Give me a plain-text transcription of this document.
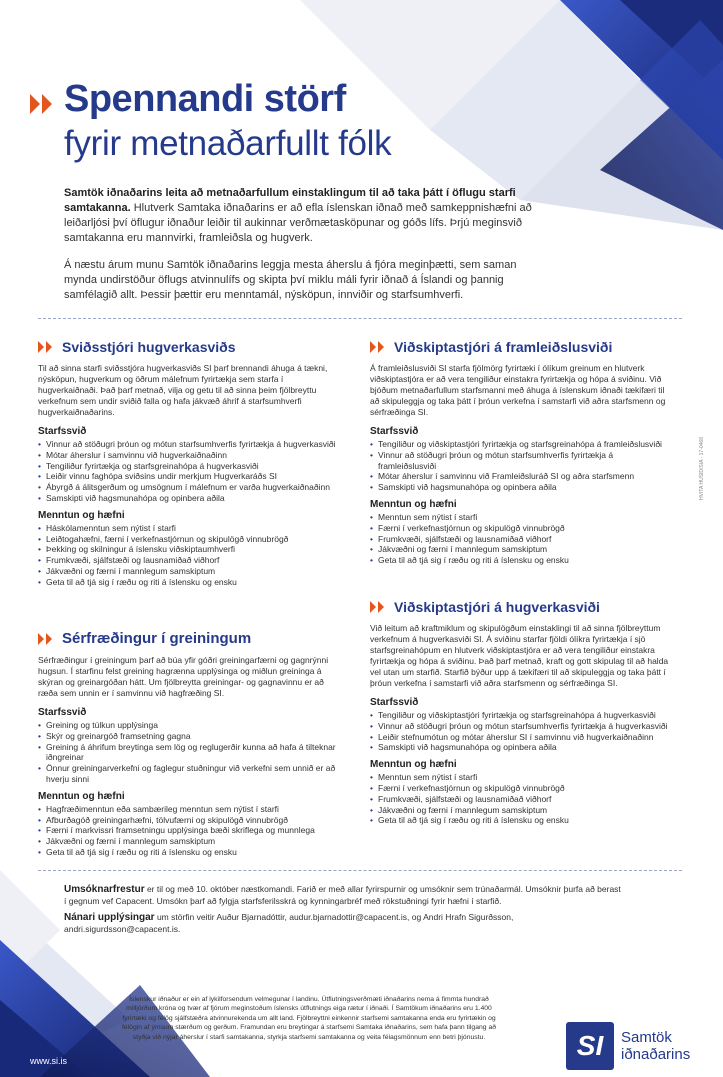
Spennandi störf
fyrir metnaðarfullt fólk

Samtök iðnaðarins leita að metnaðarfullum einstaklingum til að taka þátt í öflugu starfi samtakanna. Hlutverk Samtaka iðnaðarins er að efla íslenskan iðnað með samkeppnishæfni að leiðarljósi því öflugur iðnaður leiðir til aukinnar verðmætasköpunar og góðs lífs. Þrjú meginsvið samtakanna eru mannvirki, framleiðsla og hugverk.

Á næstu árum munu Samtök iðnaðarins leggja mesta áherslu á fjóra meginþætti, sem saman mynda undirstöður öflugs atvinnulífs og skipta því miklu máli fyrir iðnað á Íslandi og þannig samfélagið allt. Þessir þættir eru menntamál, nýsköpun, innviðir og starfsumhverfi.

Sviðsstjóri hugverkasviðs

Til að sinna starfi sviðsstjóra hugverkasviðs SI þarf brennandi áhuga á tækni, nýsköpun, hugverkum og öðrum málefnum fyrirtækja sem starfa í hugverkaiðnaði. Það þarf metnað, vilja og getu til að sinna þeim fjölbreyttu verkefnum sem undir sviðið falla og hafa jákvæð áhrif á starfsumhverfi hugverkaiðnaðarins.

Starfssvið
• Vinnur að stöðugri þróun og mótun starfsumhverfis fyrirtækja á hugverkasviði
• Mótar áherslur í samvinnu við hugverkaiðnaðinn
• Tengiliður fyrirtækja og starfsgreinahópa á hugverkasviði
• Leiðir vinnu faghópa sviðsins undir merkjum Hugverkaráðs SI
• Ábyrgð á álitsgerðum og umsögnum í málefnum er varða hugverkaiðnaðinn
• Samskipti við hagsmunahópa og opinbera aðila
Menntun og hæfni
• Háskólamenntun sem nýtist í starfi
• Leiðtogahæfni, færni í verkefnastjórnun og skipulögð vinnubrögð
• Þekking og skilningur á íslensku viðskiptaumhverfi
• Frumkvæði, sjálfstæði og lausnamiðað viðhorf
• Jákvæðni og færni í mannlegum samskiptum
• Geta til að tjá sig í ræðu og riti á íslensku og ensku
Sérfræðingur í greiningum

Sérfræðingur í greiningum þarf að búa yfir góðri greiningarfærni og gagnrýnni hugsun. Í starfinu felst greining hagrænna upplýsinga og miðlun greininga á skýran og greinargóðan hátt. Um fjölbreytta greiningar- og gagnavinnu er að ræða sem unnin er í samvinnu við hagfræðing SI.

Starfssvið
• Greining og túlkun upplýsinga
• Skýr og greinargóð framsetning gagna
• Greining á áhrifum breytinga sem lög og reglugerðir kunna að hafa á tilteknar iðngreinar
• Önnur greiningarverkefni og faglegur stuðningur við verkefni sem unnið er að hverju sinni
Menntun og hæfni
• Hagfræðimenntun eða sambærileg menntun sem nýtist í starfi
• Afburðagóð greiningarhæfni, tölvufærni og skipulögð vinnubrögð
• Færni í markvissri framsetningu upplýsinga bæði skriflega og munnlega
• Jákvæðni og færni í mannlegum samskiptum
• Geta til að tjá sig í ræðu og riti á íslensku og ensku
Viðskiptastjóri á framleiðslusviði

Á framleiðslusviði SI starfa fjölmörg fyrirtæki í ólíkum greinum en hlutverk viðskiptastjóra er að vera tengiliður einstakra fyrirtækja og hópa á sviðinu. Við bjóðum metnaðarfullum starfsmanni með áhuga á íslenskum iðnaði tækifæri til að skipuleggja og taka þátt í þróun verkefna í samstarfi við aðra starfsmenn og sérfræðinga SI.

Starfssvið
• Tengiliður og viðskiptastjóri fyrirtækja og starfsgreinahópa á framleiðslusviði
• Vinnur að stöðugri þróun og mótun starfsumhverfis fyrirtækja á framleiðslusviði
• Mótar áherslur í samvinnu við Framleiðsluráð SI og aðra starfsmenn
• Samskipti við hagsmunahópa og opinbera aðila
Menntun og hæfni
• Menntun sem nýtist í starfi
• Færni í verkefnastjórnun og skipulögð vinnubrögð
• Frumkvæði, sjálfstæði og lausnamiðað viðhorf
• Jákvæðni og færni í mannlegum samskiptum
• Geta til að tjá sig í ræðu og riti á íslensku og ensku
Viðskiptastjóri á hugverkasviði

Við leitum að kraftmiklum og skipulögðum einstaklingi til að sinna fjölbreyttum verkefnum á hugverkasviði SI. Á sviðinu starfar fjöldi ólíkra fyrirtækja í sjö starfsgreinahópum en hlutverk viðskiptastjóra er að vera tengiliður einstakra fyrirtækja og hópa á sviðinu. Það þarf metnað, kraft og gott skipulag til að halda vel utan um starfið. Starfið býður upp á tækifæri til að skipuleggja og taka þátt í þróun verkefna í samstarfi við aðra starfsmenn og sérfræðinga SI.

Starfssvið
• Tengiliður og viðskiptastjóri fyrirtækja og starfsgreinahópa á hugverkasviði
• Vinnur að stöðugri þróun og mótun starfsumhverfis fyrirtækja á hugverkasviði
• Leiðir stefnumótun og mótar áherslur SI í samvinnu við hugverkaiðnaðinn
• Samskipti við hagsmunahópa og opinbera aðila
Menntun og hæfni
• Menntun sem nýtist í starfi
• Færni í verkefnastjórnun og skipulögð vinnubrögð
• Frumkvæði, sjálfstæði og lausnamiðað viðhorf
• Jákvæðni og færni í mannlegum samskiptum
• Geta til að tjá sig í ræðu og riti á íslensku og ensku
HVITA HUSID/SIA - 17-0468

Umsóknarfrestur er til og með 10. október næstkomandi. Farið er með allar fyrirspurnir og umsóknir sem trúnaðarmál. Umsóknir þurfa að berast í gegnum vef Capacent. Umsókn þarf að fylgja starfsferilsskrá og kynningarbréf með rökstuðningi fyrir hæfni í starfið.

Nánari upplýsingar um störfin veitir Auður Bjarnadóttir, audur.bjarnadottir@capacent.is, og Andri Hrafn Sigurðsson, andri.sigurdsson@capacent.is.

Íslenskur iðnaður er ein af lykilforsendum velmegunar í landinu. Útflutningsverðmæti iðnaðarins nema á fimmta hundrað milljörðum króna og tvær af fjórum meginstoðum íslensks útflutnings eiga rætur í iðnaði. Í Samtökum iðnaðarins eru 1.400 fyrirtæki og félög sjálfstæðra atvinnurekenda um allt land. Fjölbreyttni einkennir starfsemi samtakanna enda eru fyrirtækin og félögin af ýmsum stærðum og gerðum. Framundan eru breytingar á starfsemi Samtaka iðnaðarins, sem hafa þann tilgang að styðja við nýjar áherslur í starfi samtakanna, styrkja starfsemi samtakanna og veita félagsmönnum enn betri þjónustu.
www.si.is	SI Samtök
iðnaðarins
